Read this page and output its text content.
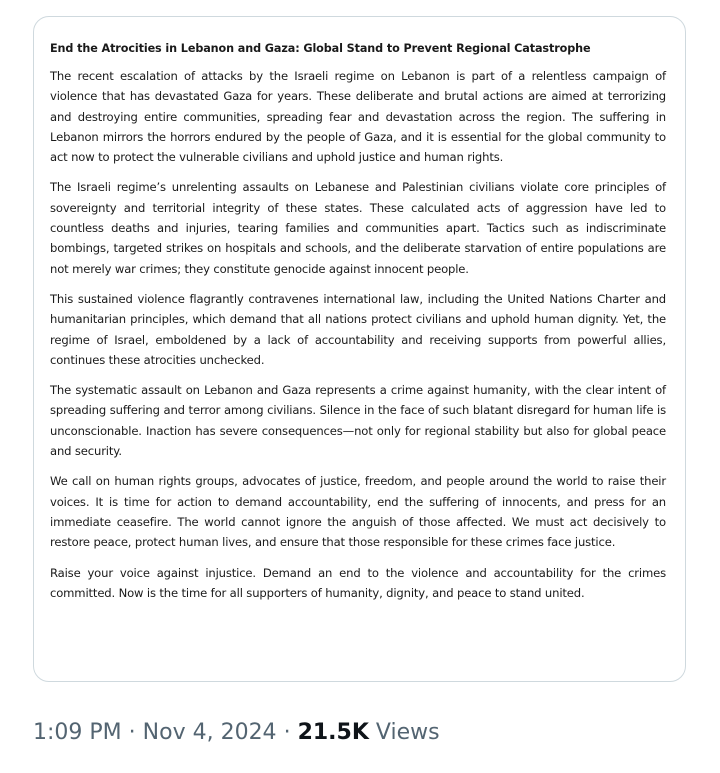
End the Atrocities in Lebanon and Gaza: Global Stand to Prevent Regional Catastrophe

The recent escalation of attacks by the Israeli regime on Lebanon is part of a relentless campaign of violence that has devastated Gaza for years. These deliberate and brutal actions are aimed at terrorizing and destroying entire communities, spreading fear and devastation across the region. The suffering in Lebanon mirrors the horrors endured by the people of Gaza, and it is essential for the global community to act now to protect the vulnerable civilians and uphold justice and human rights.

The Israeli regime’s unrelenting assaults on Lebanese and Palestinian civilians violate core principles of sovereignty and territorial integrity of these states. These calculated acts of aggression have led to countless deaths and injuries, tearing families and communities apart. Tactics such as indiscriminate bombings, targeted strikes on hospitals and schools, and the deliberate starvation of entire populations are not merely war crimes; they constitute genocide against innocent people.

This sustained violence flagrantly contravenes international law, including the United Nations Charter and humanitarian principles, which demand that all nations protect civilians and uphold human dignity. Yet, the regime of Israel, emboldened by a lack of accountability and receiving supports from powerful allies, continues these atrocities unchecked.

The systematic assault on Lebanon and Gaza represents a crime against humanity, with the clear intent of spreading suffering and terror among civilians. Silence in the face of such blatant disregard for human life is unconscionable. Inaction has severe consequences—not only for regional stability but also for global peace and security.

We call on human rights groups, advocates of justice, freedom, and people around the world to raise their voices. It is time for action to demand accountability, end the suffering of innocents, and press for an immediate ceasefire. The world cannot ignore the anguish of those affected. We must act decisively to restore peace, protect human lives, and ensure that those responsible for these crimes face justice.

Raise your voice against injustice. Demand an end to the violence and accountability for the crimes committed. Now is the time for all supporters of humanity, dignity, and peace to stand united.

1:09 PM · Nov 4, 2024 · 21.5K Views
